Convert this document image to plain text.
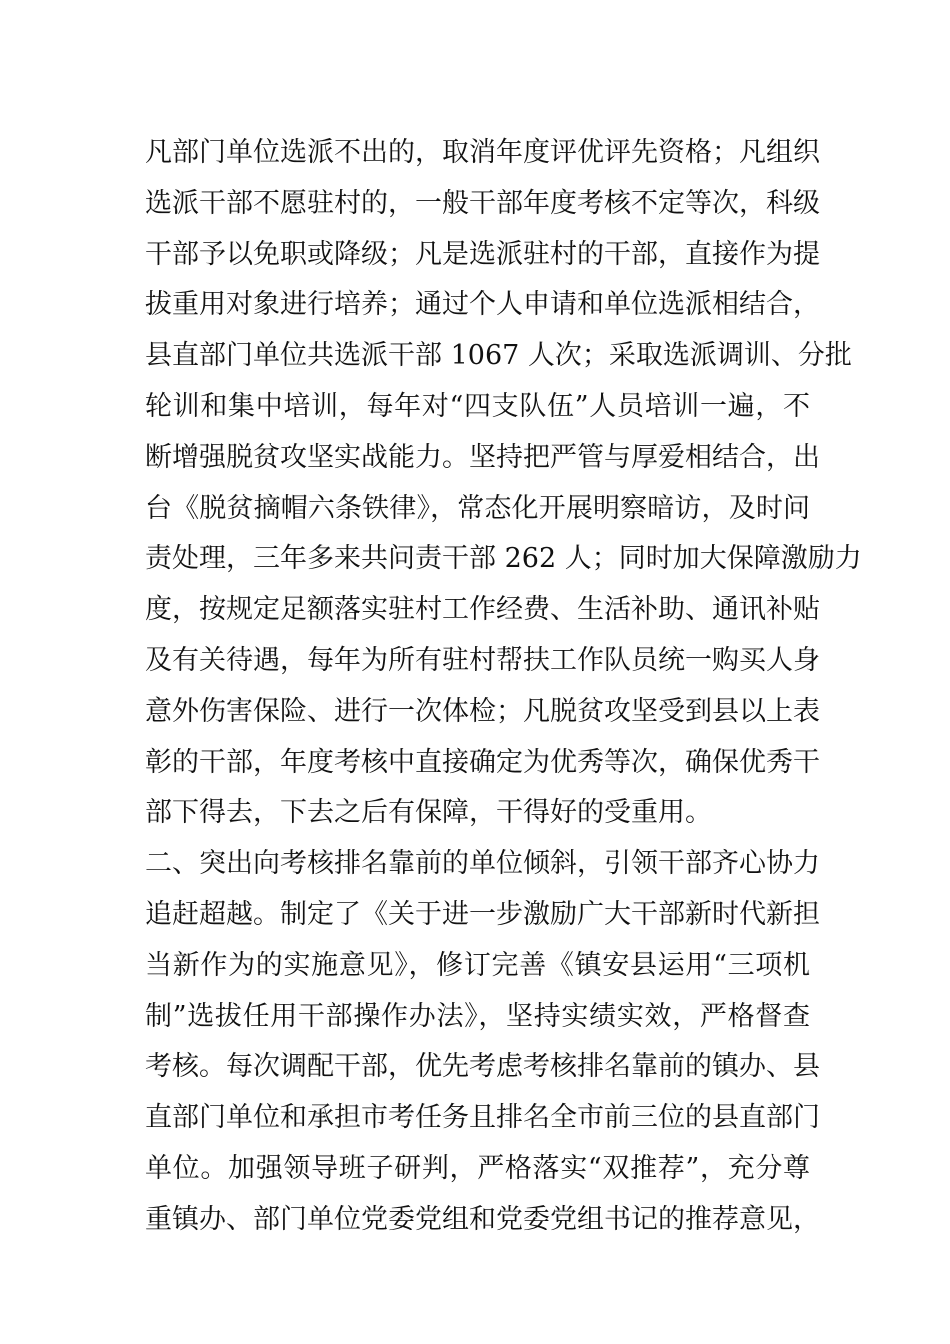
凡部门单位选派不出的，取消年度评优评先资格；凡组织
选派干部不愿驻村的，一般干部年度考核不定等次，科级
干部予以免职或降级；凡是选派驻村的干部，直接作为提
拔重用对象进行培养；通过个人申请和单位选派相结合，
县直部门单位共选派干部 1067 人次；采取选派调训、分批
轮训和集中培训，每年对“四支队伍”人员培训一遍，不
断增强脱贫攻坚实战能力。坚持把严管与厚爱相结合，出
台《脱贫摘帽六条铁律》，常态化开展明察暗访，及时问
责处理，三年多来共问责干部 262 人；同时加大保障激励力
度，按规定足额落实驻村工作经费、生活补助、通讯补贴
及有关待遇，每年为所有驻村帮扶工作队员统一购买人身
意外伤害保险、进行一次体检；凡脱贫攻坚受到县以上表
彰的干部，年度考核中直接确定为优秀等次，确保优秀干
部下得去，下去之后有保障，干得好的受重用。
二、突出向考核排名靠前的单位倾斜，引领干部齐心协力
追赶超越。制定了《关于进一步激励广大干部新时代新担
当新作为的实施意见》，修订完善《镇安县运用“三项机
制”选拔任用干部操作办法》，坚持实绩实效，严格督查
考核。每次调配干部，优先考虑考核排名靠前的镇办、县
直部门单位和承担市考任务且排名全市前三位的县直部门
单位。加强领导班子研判，严格落实“双推荐”，充分尊
重镇办、部门单位党委党组和党委党组书记的推荐意见，
